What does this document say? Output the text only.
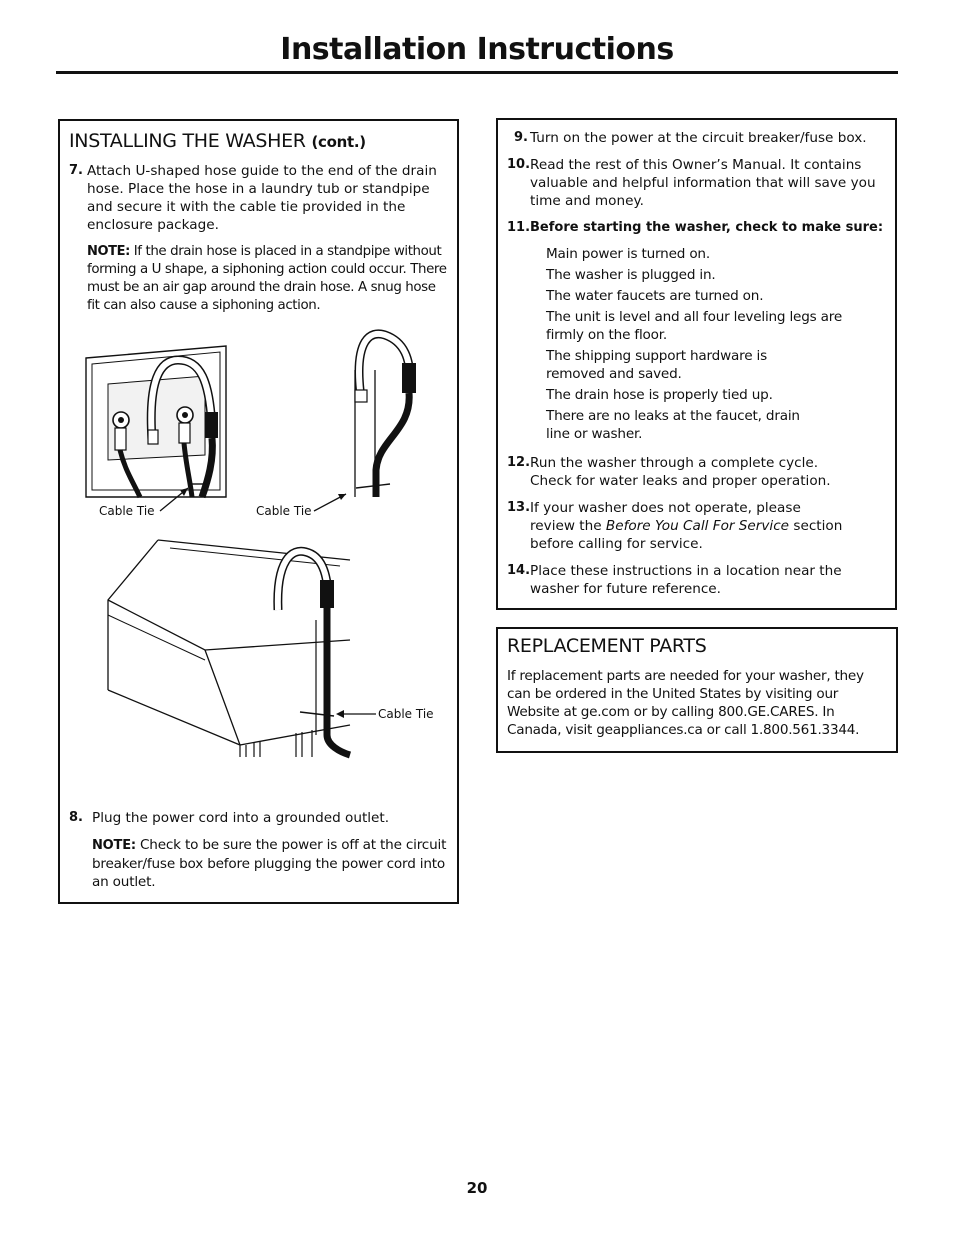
Installation Instructions
INSTALLING THE WASHER (cont.)
7. Attach U-shaped hose guide to the end of the drain hose. Place the hose in a laundry tub or standpipe and secure it with the cable tie provided in the enclosure package.
NOTE: If the drain hose is placed in a standpipe without forming a U shape, a siphoning action could occur. There must be an air gap around the drain hose. A snug hose fit can also cause a siphoning action.
Cable Tie	Cable Tie
Cable Tie
8. Plug the power cord into a grounded outlet.
NOTE: Check to be sure the power is off at the circuit breaker/fuse box before plugging the power cord into an outlet.
9. Turn on the power at the circuit breaker/fuse box.
10. Read the rest of this Owner’s Manual. It contains valuable and helpful information that will save you time and money.
11. Before starting the washer, check to make sure:
Main power is turned on.
The washer is plugged in.
The water faucets are turned on.
The unit is level and all four leveling legs are firmly on the floor.
The shipping support hardware is removed and saved.
The drain hose is properly tied up.
There are no leaks at the faucet, drain line or washer.
12. Run the washer through a complete cycle. Check for water leaks and proper operation.
13. If your washer does not operate, please review the Before You Call For Service section before calling for service.
14. Place these instructions in a location near the washer for future reference.
REPLACEMENT PARTS
If replacement parts are needed for your washer, they can be ordered in the United States by visiting our Website at ge.com or by calling 800.GE.CARES. In Canada, visit geappliances.ca or call 1.800.561.3344.
20
